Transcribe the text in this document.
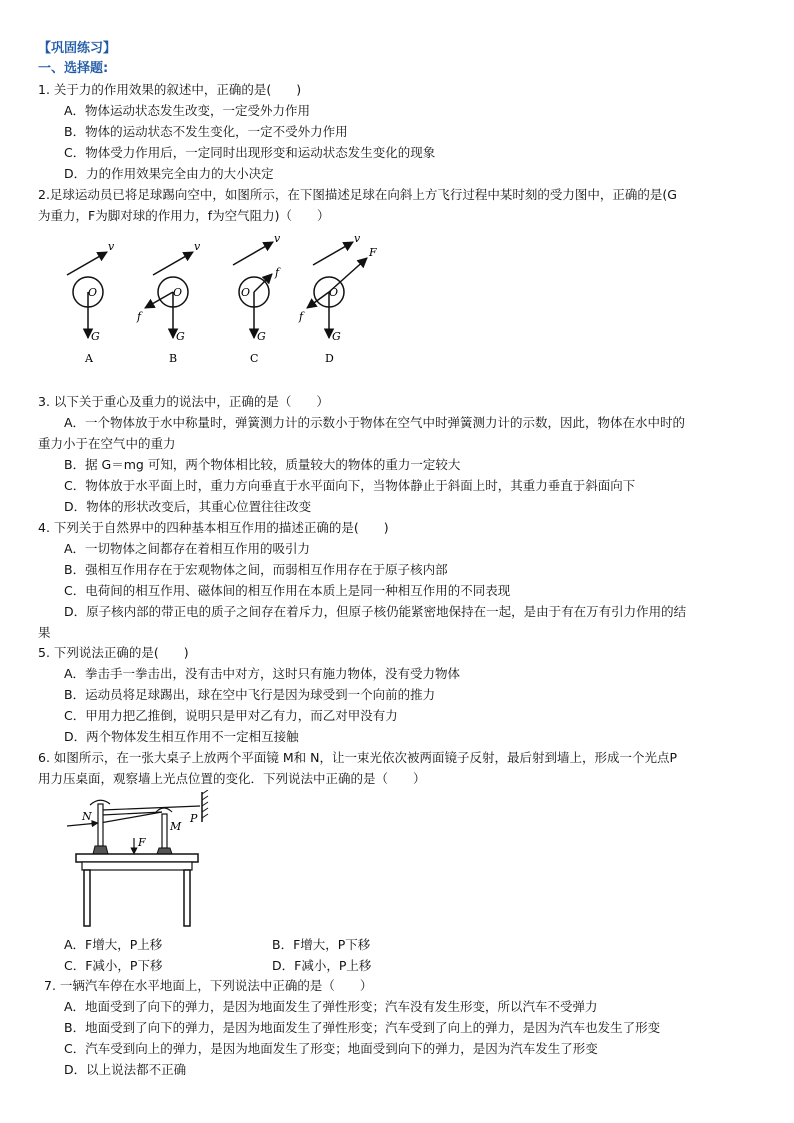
【巩固练习】
一、选择题:
1. 关于力的作用效果的叙述中，正确的是(　　)
A．物体运动状态发生改变，一定受外力作用
B．物体的运动状态不发生变化，一定不受外力作用
C．物体受力作用后，一定同时出现形变和运动状态发生变化的现象
D．力的作用效果完全由力的大小决定
2.足球运动员已将足球踢向空中，如图所示，在下图描述足球在向斜上方飞行过程中某时刻的受力图中，正确的是(G
为重力，F为脚对球的作用力，f为空气阻力)（　　）
v
O
G
A
v
O
G
f
B
v
O
f
G
C
v
O
F
f
G
D
3. 以下关于重心及重力的说法中，正确的是（　　）
A．一个物体放于水中称量时，弹簧测力计的示数小于物体在空气中时弹簧测力计的示数，因此，物体在水中时的
重力小于在空气中的重力
B．据 G＝mg 可知，两个物体相比较，质量较大的物体的重力一定较大
C．物体放于水平面上时，重力方向垂直于水平面向下，当物体静止于斜面上时，其重力垂直于斜面向下
D．物体的形状改变后，其重心位置往往改变
4. 下列关于自然界中的四种基本相互作用的描述正确的是(　　)
A．一切物体之间都存在着相互作用的吸引力
B．强相互作用存在于宏观物体之间，而弱相互作用存在于原子核内部
C．电荷间的相互作用、磁体间的相互作用在本质上是同一种相互作用的不同表现
D．原子核内部的带正电的质子之间存在着斥力，但原子核仍能紧密地保持在一起，是由于有在万有引力作用的结
果
5. 下列说法正确的是(　　)
A．拳击手一拳击出，没有击中对方，这时只有施力物体，没有受力物体
B．运动员将足球踢出，球在空中飞行是因为球受到一个向前的推力
C．甲用力把乙推倒，说明只是甲对乙有力，而乙对甲没有力
D．两个物体发生相互作用不一定相互接触
6. 如图所示，在一张大桌子上放两个平面镜 M和 N，让一束光依次被两面镜子反射，最后射到墙上，形成一个光点P
用力压桌面，观察墙上光点位置的变化．下列说法中正确的是（　　）
N
M
P
F
A．F增大，P上移	B．F增大，P下移
C．F减小，P下移	D．F减小，P上移
7. 一辆汽车停在水平地面上，下列说法中正确的是（　　）
A．地面受到了向下的弹力，是因为地面发生了弹性形变；汽车没有发生形变，所以汽车不受弹力
B．地面受到了向下的弹力，是因为地面发生了弹性形变；汽车受到了向上的弹力，是因为汽车也发生了形变
C．汽车受到向上的弹力，是因为地面发生了形变；地面受到向下的弹力，是因为汽车发生了形变
D．以上说法都不正确
